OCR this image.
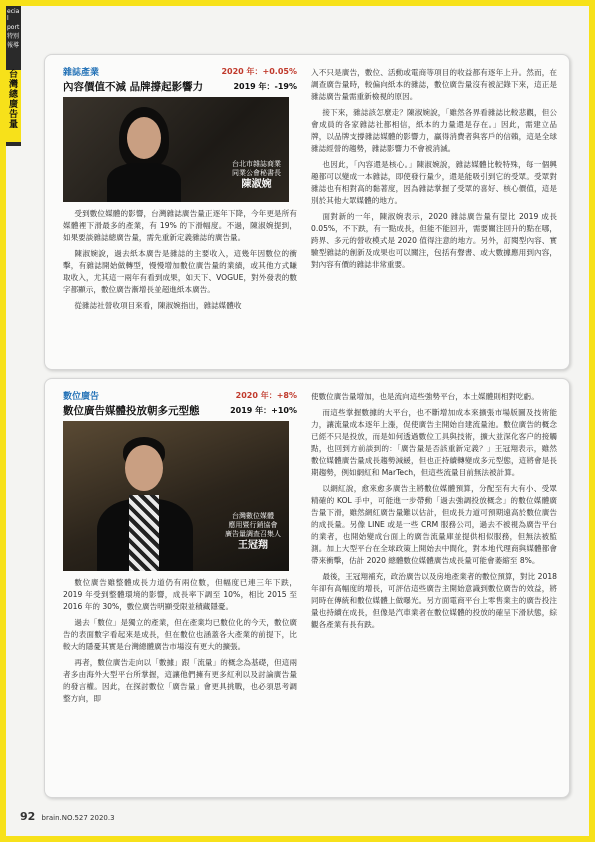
ecial
port
特別
報導
台灣總廣告量
雜誌產業
內容價值不減 品牌撐起影響力
2020 年：+0.05%
2019 年：-19%
台北市雜誌商業
同業公會秘書長
陳淑婉

受到數位媒體的影響，台灣雜誌廣告量正逐年下降，今年更是所有媒體裡下滑最多的產業，有 19% 的下滑幅度。不過，陳淑婉提到，如果要談雜誌總廣告量，需先重新定義雜誌的廣告量。

陳淑婉說，過去紙本廣告是雜誌的主要收入，這幾年因數位的衝擊，有雜誌開始做轉型，慢慢增加數位廣告量的業績，或其他方式賺取收入，尤其這一兩年有看到成果，如天下、VOGUE，對外發表的數字都顯示，數位廣告漸增長並超進紙本廣告。

從雜誌社營收項目來看，陳淑婉指出，雜誌媒體收

入不只是廣告，數位、活動或電商等項目的收益都有逐年上升。然而，在調查廣告量時，較偏向紙本的雜誌，數位廣告量沒有被記錄下來，這正是雜誌廣告量需重新檢視的原因。

接下來，雜誌該怎麼走？陳淑婉說，「雖然各界看雜誌比較悲觀，但公會成員的各家雜誌社都相信，紙本的力量還是存在。」因此，需建立品牌，以品牌支撐雜誌媒體的影響力，贏得消費者與客戶的信賴，這是全球雜誌經營的趨勢，雜誌影響力不會被消滅。

也因此，「內容還是核心。」陳淑婉說，雜誌媒體比較特殊，每一個興趣都可以變成一本雜誌，即使發行量少，還是能吸引到它的受眾。受眾對雜誌也有相對高的黏著度，因為雜誌掌握了受眾的喜好、核心價值，這是別於其他大眾媒體的地方。

面對新的一年，陳淑婉表示，2020 雜誌廣告量有望比 2019 成長 0.05%，不下跌，有一點成長，但能不能回升，需要關注回升的點在哪，跨界、多元的營收模式是 2020 值得注意的地方。另外，訂閱型內容、實驗型雜誌的創新及成果也可以關注，包括有聲書、或大數據應用到內容，對內容有價的雜誌非常重要。

數位廣告
數位廣告媒體投放朝多元型態
2020 年：+8%
2019 年：+10%
台灣數位媒體
應用暨行銷協會
廣告量調查召集人
王冠翔

數位廣告雖整體成長力道仍有兩位數，但幅度已連三年下跌，2019 年受到整體環境的影響，成長率下調至 10%，相比 2015 至 2016 年的 30%，數位廣告明顯受限並積藏隱憂。

過去「數位」是獨立的產業，但在產業均已數位化的今天，數位廣告的表面數字看起來是成長，但在數位也涵蓋各大產業的前提下，比較大的隱憂其實是台灣總體廣告市場沒有更大的擴張。

再者，數位廣告走向以「數據」跟「流量」的概念為基礎，但這兩者多由海外大型平台所掌握，這讓他們擁有更多紅利以及討論廣告量的發言權。因此，在探討數位「廣告量」會更具挑戰，也必須思考調整方向，即

使數位廣告量增加，也是流向這些強勢平台，本土媒體則相對吃虧。

而這些掌握數據的大平台，也不斷增加成本來擴張市場版圖及技術能力，讓流量成本逐年上漲，促使廣告主開始自建流量池。數位廣告的概念已經不只是投放，而是如何透過數位工具與技術，擴大並深化客户的接觸點，也回到方前談到的：「廣告量是否該重新定義？」王冠翔表示，雖然數位媒體廣告量成長趨勢減緩，但也正持續轉變成多元型態，這將會是長期趨勢，例如網紅和 MarTech，但這些流量目前無法被計算。

以網紅說，愈來愈多廣告主將數位媒體預算，分配至有大有小、受眾精確的 KOL 手中，可能進一步帶動「過去強調投放概念」的數位媒體廣告量下滑，雖然網紅廣告量難以估計，但成長力道可預期遠高於數位廣告的成長量。另像 LINE 或是一些 CRM 服務公司，過去不被視為廣告平台的業者，也開始變成台面上的廣告流量庫並提供相似服務，但無法被監測。加上大型平台在全球政策上開始去中間化，對本地代理商與媒體都會帶來衝擊，估計 2020 總體數位媒體廣告成長量可能會萎縮至 8%。

最後，王冠翔補充，政治廣告以及房地產業者的數位預算，對比 2018 年卻有高幅度的增長，可評估這些廣告主開始意識到數位廣告的效益，將同時在傳統和數位媒體上做曝光。另方面電商平台上零售業主的廣告投注量也持續在成長，但像是汽車業者在數位媒體的投放的確呈下滑狀態，綜觀各產業有長有跌。

92 brain.NO.527 2020.3
